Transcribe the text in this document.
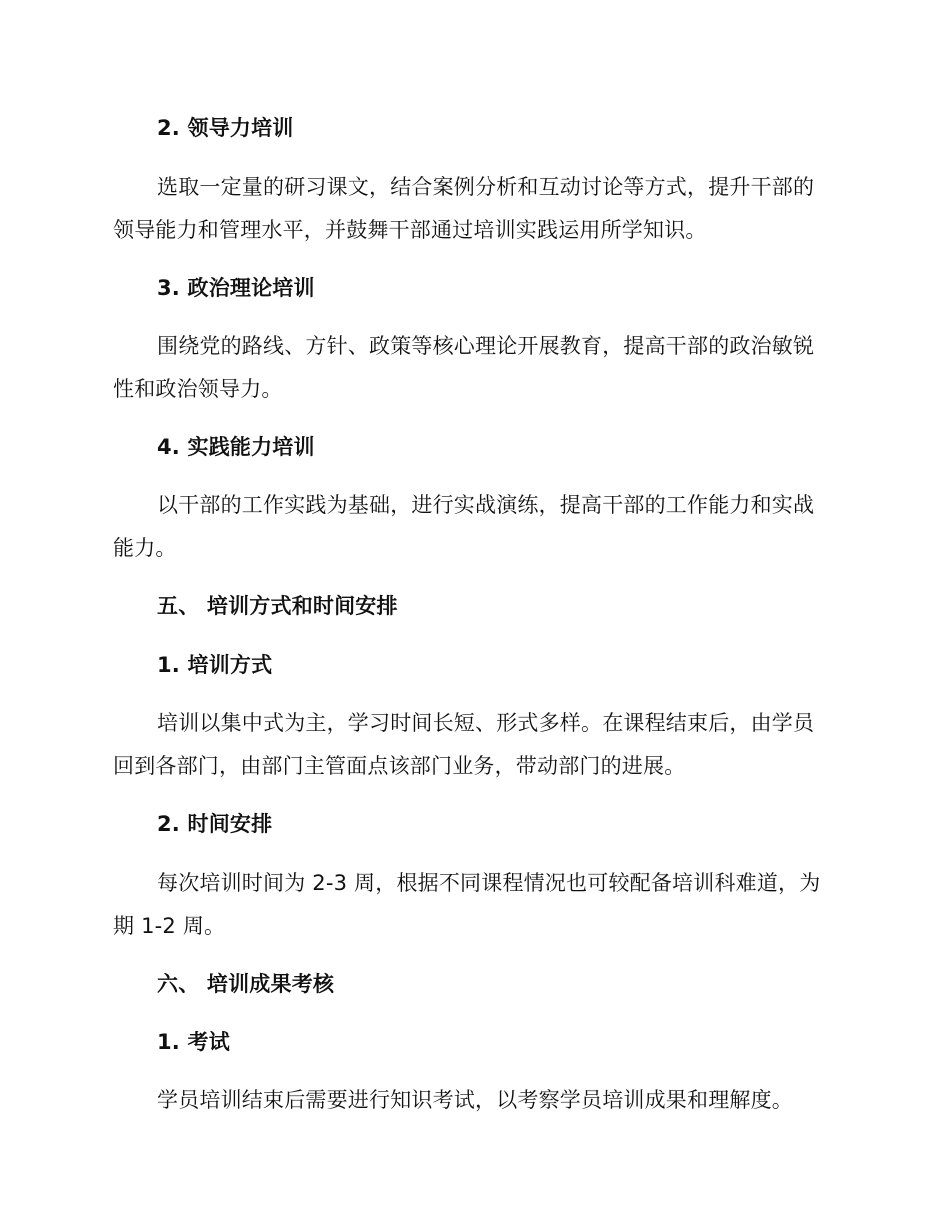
2. 领导力培训

选取一定量的研习课文，结合案例分析和互动讨论等方式，提升干部的领导能力和管理水平，并鼓舞干部通过培训实践运用所学知识。

3. 政治理论培训

围绕党的路线、方针、政策等核心理论开展教育，提高干部的政治敏锐性和政治领导力。

4. 实践能力培训

以干部的工作实践为基础，进行实战演练，提高干部的工作能力和实战能力。

五、 培训方式和时间安排

1. 培训方式

培训以集中式为主，学习时间长短、形式多样。在课程结束后，由学员回到各部门，由部门主管面点该部门业务，带动部门的进展。

2. 时间安排

每次培训时间为 2-3 周，根据不同课程情况也可较配备培训科难道，为期 1-2 周。

六、 培训成果考核

1. 考试

学员培训结束后需要进行知识考试，以考察学员培训成果和理解度。
